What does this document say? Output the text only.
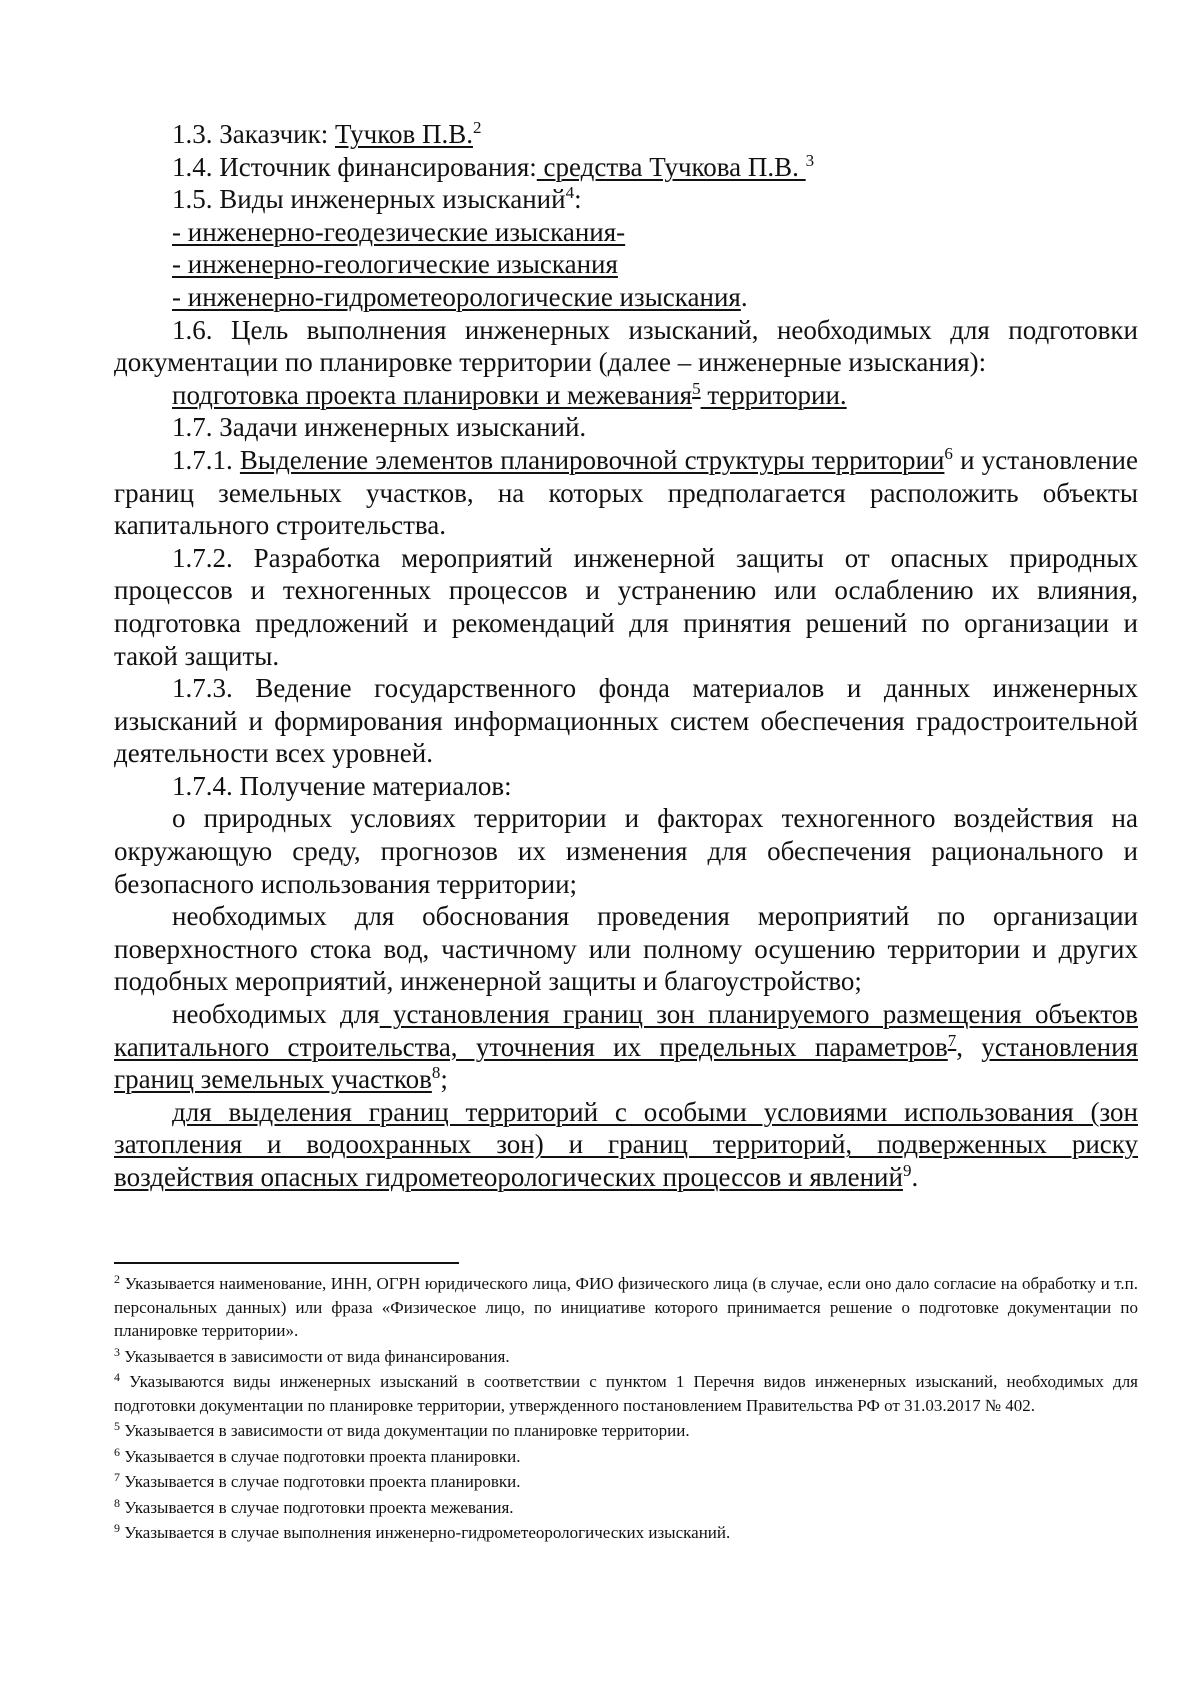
1.3. Заказчик: Тучков П.В.$^2$

1.4. Источник финансирования: средства Тучкова П.В. $^3$

1.5. Виды инженерных изысканий$^4$:

- инженерно-геодезические изыскания-

- инженерно-геологические изыскания

- инженерно-гидрометеорологические изыскания.

1.6. Цель выполнения инженерных изысканий, необходимых для подготовки документации по планировке территории (далее – инженерные изыскания):

подготовка проекта планировки и межевания$^5$ территории.

1.7. Задачи инженерных изысканий.

1.7.1. Выделение элементов планировочной структуры территории$^6$ и установление границ земельных участков, на которых предполагается расположить объекты капитального строительства.

1.7.2. Разработка мероприятий инженерной защиты от опасных природных процессов и техногенных процессов и устранению или ослаблению их влияния, подготовка предложений и рекомендаций для принятия решений по организации и такой защиты.

1.7.3. Ведение государственного фонда материалов и данных инженерных изысканий и формирования информационных систем обеспечения градостроительной деятельности всех уровней.

1.7.4. Получение материалов:

о природных условиях территории и факторах техногенного воздействия на окружающую среду, прогнозов их изменения для обеспечения рационального и безопасного использования территории;

необходимых для обоснования проведения мероприятий по организации поверхностного стока вод, частичному или полному осушению территории и других подобных мероприятий, инженерной защиты и благоустройство;

необходимых для установления границ зон планируемого размещения объектов капитального строительства, уточнения их предельных параметров$^7$, установления границ земельных участков$^8$;

для выделения границ территорий с особыми условиями использования (зон затопления и водоохранных зон) и границ территорий, подверженных риску воздействия опасных гидрометеорологических процессов и явлений$^9$.

$^2$ Указывается наименование, ИНН, ОГРН юридического лица, ФИО физического лица (в случае, если оно дало согласие на обработку и т.п. персональных данных) или фраза «Физическое лицо, по инициативе которого принимается решение о подготовке документации по планировке территории».

$^3$ Указывается в зависимости от вида финансирования.

$^4$ Указываются виды инженерных изысканий в соответствии с пунктом 1 Перечня видов инженерных изысканий, необходимых для подготовки документации по планировке территории, утвержденного постановлением Правительства РФ от 31.03.2017 № 402.

$^5$ Указывается в зависимости от вида документации по планировке территории.

$^6$ Указывается в случае подготовки проекта планировки.

$^7$ Указывается в случае подготовки проекта планировки.

$^8$ Указывается в случае подготовки проекта межевания.

$^9$ Указывается в случае выполнения инженерно-гидрометеорологических изысканий.
